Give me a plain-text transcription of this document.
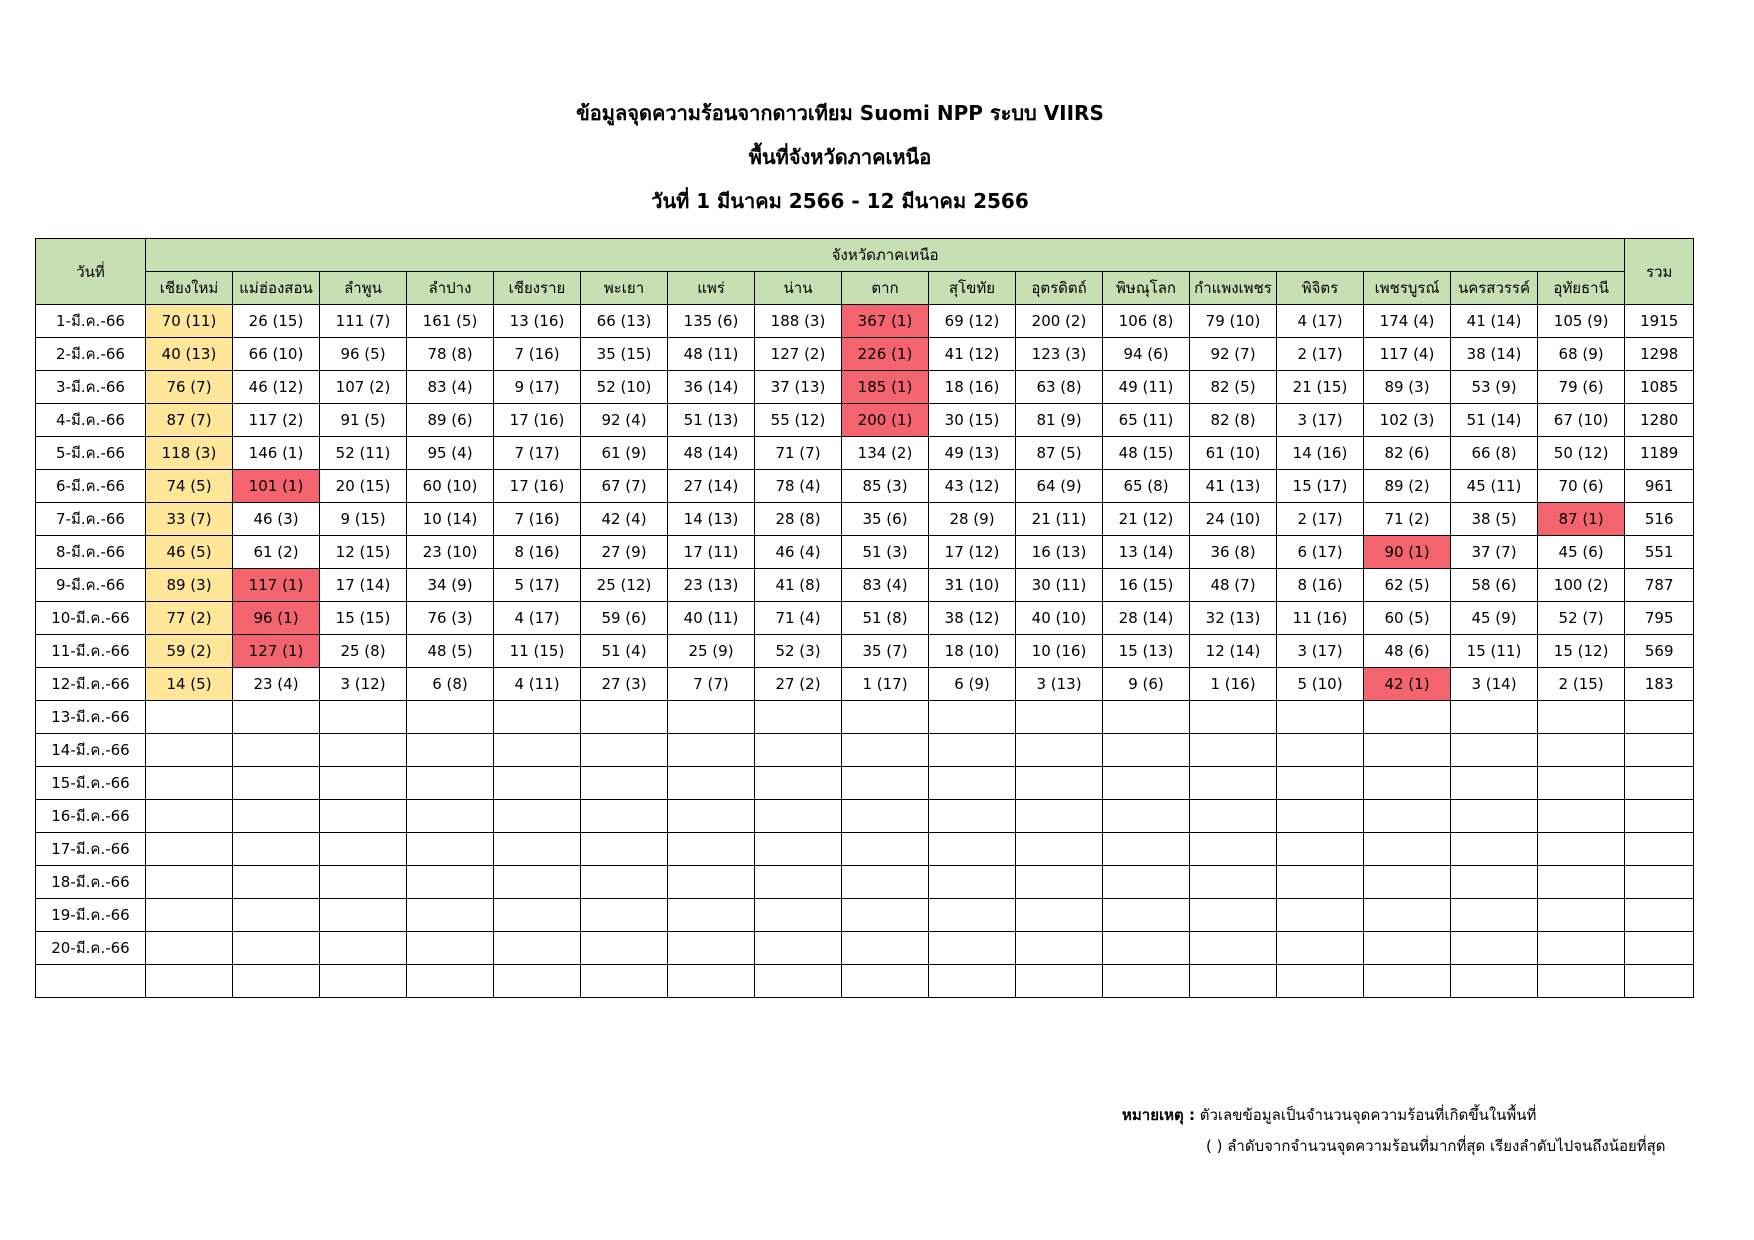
ข้อมูลจุดความร้อนจากดาวเทียม Suomi NPP ระบบ VIIRS
พื้นที่จังหวัดภาคเหนือ
วันที่ 1 มีนาคม 2566 - 12 มีนาคม 2566
วันที่	จังหวัดภาคเหนือ																	รวม
	เชียงใหม่	แม่ฮ่องสอน	ลำพูน	ลำปาง	เชียงราย	พะเยา	แพร่	น่าน	ตาก	สุโขทัย	อุตรดิตถ์	พิษณุโลก	กำแพงเพชร	พิจิตร	เพชรบูรณ์	นครสวรรค์	อุทัยธานี	
1-มี.ค.-66	70 (11)	26 (15)	111 (7)	161 (5)	13 (16)	66 (13)	135 (6)	188 (3)	367 (1)	69 (12)	200 (2)	106 (8)	79 (10)	4 (17)	174 (4)	41 (14)	105 (9)	1915
2-มี.ค.-66	40 (13)	66 (10)	96 (5)	78 (8)	7 (16)	35 (15)	48 (11)	127 (2)	226 (1)	41 (12)	123 (3)	94 (6)	92 (7)	2 (17)	117 (4)	38 (14)	68 (9)	1298
3-มี.ค.-66	76 (7)	46 (12)	107 (2)	83 (4)	9 (17)	52 (10)	36 (14)	37 (13)	185 (1)	18 (16)	63 (8)	49 (11)	82 (5)	21 (15)	89 (3)	53 (9)	79 (6)	1085
4-มี.ค.-66	87 (7)	117 (2)	91 (5)	89 (6)	17 (16)	92 (4)	51 (13)	55 (12)	200 (1)	30 (15)	81 (9)	65 (11)	82 (8)	3 (17)	102 (3)	51 (14)	67 (10)	1280
5-มี.ค.-66	118 (3)	146 (1)	52 (11)	95 (4)	7 (17)	61 (9)	48 (14)	71 (7)	134 (2)	49 (13)	87 (5)	48 (15)	61 (10)	14 (16)	82 (6)	66 (8)	50 (12)	1189
6-มี.ค.-66	74 (5)	101 (1)	20 (15)	60 (10)	17 (16)	67 (7)	27 (14)	78 (4)	85 (3)	43 (12)	64 (9)	65 (8)	41 (13)	15 (17)	89 (2)	45 (11)	70 (6)	961
7-มี.ค.-66	33 (7)	46 (3)	9 (15)	10 (14)	7 (16)	42 (4)	14 (13)	28 (8)	35 (6)	28 (9)	21 (11)	21 (12)	24 (10)	2 (17)	71 (2)	38 (5)	87 (1)	516
8-มี.ค.-66	46 (5)	61 (2)	12 (15)	23 (10)	8 (16)	27 (9)	17 (11)	46 (4)	51 (3)	17 (12)	16 (13)	13 (14)	36 (8)	6 (17)	90 (1)	37 (7)	45 (6)	551
9-มี.ค.-66	89 (3)	117 (1)	17 (14)	34 (9)	5 (17)	25 (12)	23 (13)	41 (8)	83 (4)	31 (10)	30 (11)	16 (15)	48 (7)	8 (16)	62 (5)	58 (6)	100 (2)	787
10-มี.ค.-66	77 (2)	96 (1)	15 (15)	76 (3)	4 (17)	59 (6)	40 (11)	71 (4)	51 (8)	38 (12)	40 (10)	28 (14)	32 (13)	11 (16)	60 (5)	45 (9)	52 (7)	795
11-มี.ค.-66	59 (2)	127 (1)	25 (8)	48 (5)	11 (15)	51 (4)	25 (9)	52 (3)	35 (7)	18 (10)	10 (16)	15 (13)	12 (14)	3 (17)	48 (6)	15 (11)	15 (12)	569
12-มี.ค.-66	14 (5)	23 (4)	3 (12)	6 (8)	4 (11)	27 (3)	7 (7)	27 (2)	1 (17)	6 (9)	3 (13)	9 (6)	1 (16)	5 (10)	42 (1)	3 (14)	2 (15)	183
13-มี.ค.-66																		
14-มี.ค.-66																		
15-มี.ค.-66																		
16-มี.ค.-66																		
17-มี.ค.-66																		
18-มี.ค.-66																		
19-มี.ค.-66																		
20-มี.ค.-66																		

หมายเหตุ : ตัวเลขข้อมูลเป็นจำนวนจุดความร้อนที่เกิดขึ้นในพื้นที่
( ) ลำดับจากจำนวนจุดความร้อนที่มากที่สุด เรียงลำดับไปจนถึงน้อยที่สุด
